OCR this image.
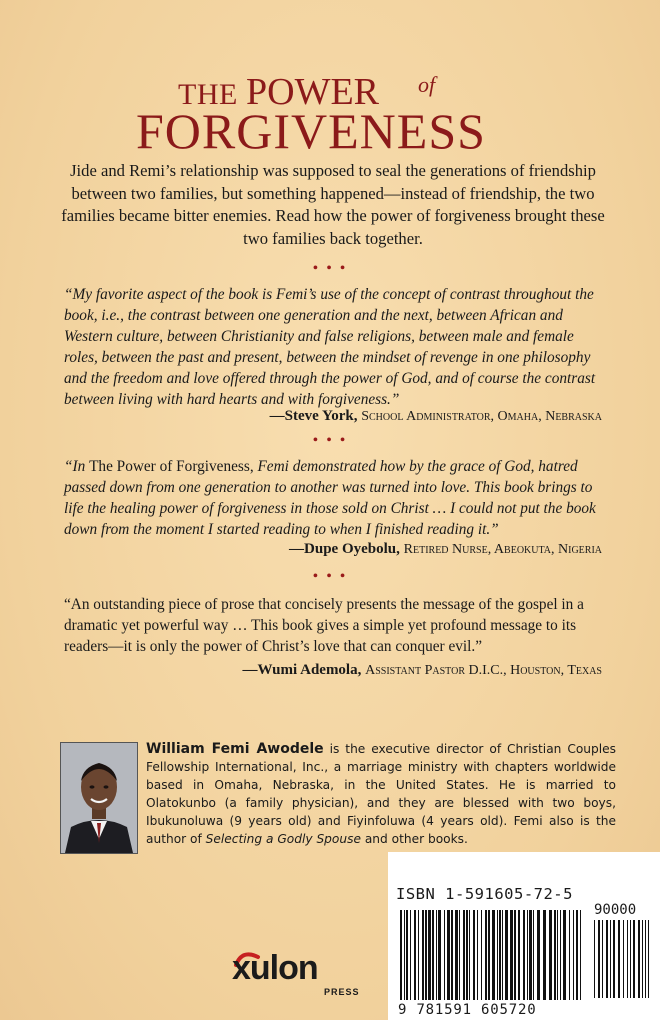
THE POWER of
FORGIVENESS
Jide and Remi’s relationship was supposed to seal the generations of friendship between two families, but something happened—instead of friendship, the two families became bitter enemies. Read how the power of forgiveness brought these two families back together.
• • •
“My favorite aspect of the book is Femi’s use of the concept of contrast throughout the book, i.e., the contrast between one generation and the next, between African and Western culture, between Christianity and false religions, between male and female roles, between the past and present, between the mindset of revenge in one philosophy and the freedom and love offered through the power of God, and of course the contrast between living with hard hearts and with forgiveness.”
—Steve York, School Administrator, Omaha, Nebraska
• • •
“In The Power of Forgiveness, Femi demonstrated how by the grace of God, hatred passed down from one generation to another was turned into love. This book brings to life the healing power of forgiveness in those sold on Christ … I could not put the book down from the moment I started reading to when I finished reading it.”
—Dupe Oyebolu, Retired Nurse, Abeokuta, Nigeria
• • •
“An outstanding piece of prose that concisely presents the message of the gospel in a dramatic yet powerful way … This book gives a simple yet profound message to its readers—it is only the power of Christ’s love that can conquer evil.”
—Wumi Ademola, Assistant Pastor D.I.C., Houston, Texas
William Femi Awodele is the executive director of Christian Couples Fellowship International, Inc., a marriage ministry with chapters worldwide based in Omaha, Nebraska, in the United States. He is married to Olatokunbo (a family physician), and they are blessed with two boys, Ibukunoluwa (9 years old) and Fiyinfoluwa (4 years old). Femi also is the author of Selecting a Godly Spouse and other books.
xulon
PRESS
ISBN 1-591605-72-5
90000
9 781591 605720
